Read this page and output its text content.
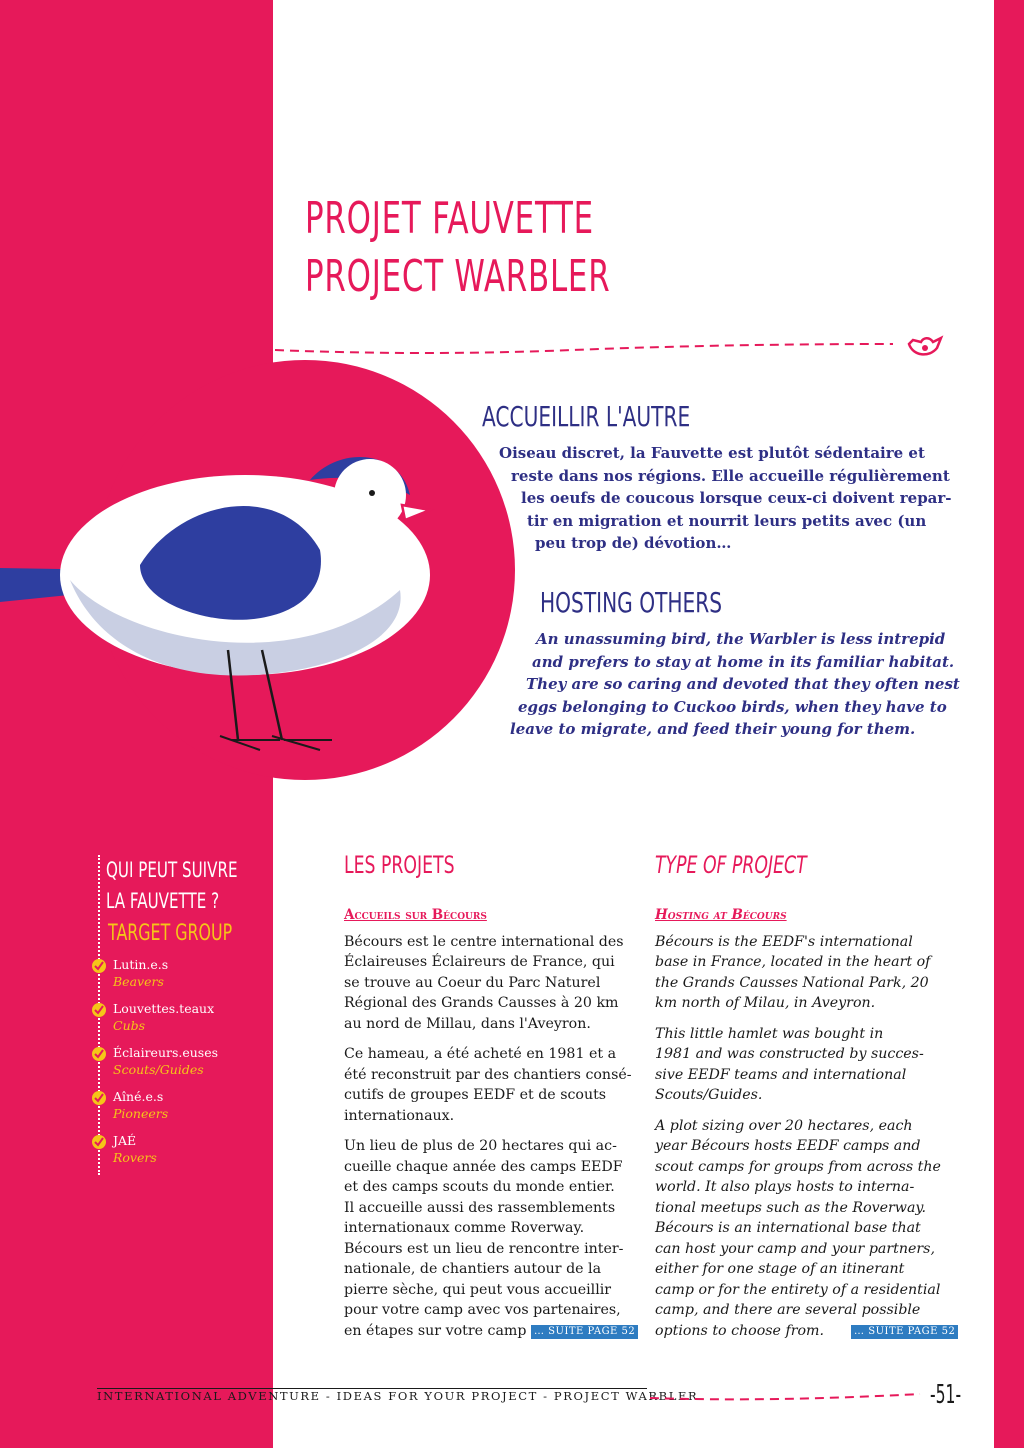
PROJET FAUVETTE
PROJECT WARBLER
ACCUEILLIR L'AUTRE
Oiseau discret, la Fauvette est plutôt sédentaire et
reste dans nos régions. Elle accueille régulièrement
les oeufs de coucous lorsque ceux-ci doivent repar-
tir en migration et nourrit leurs petits avec (un
peu trop de) dévotion…
HOSTING OTHERS
An unassuming bird, the Warbler is less intrepid
and prefers to stay at home in its familiar habitat.
They are so caring and devoted that they often nest
eggs belonging to Cuckoo birds, when they have to
leave to migrate, and feed their young for them.
QUI PEUT SUIVRE
LA FAUVETTE ?
TARGET GROUP
Lutin.e.s
Beavers
Louvettes.teaux
Cubs
Éclaireurs.euses
Scouts/Guides
Aîné.e.s
Pioneers
JAÉ
Rovers
LES PROJETS
Accueils sur Bécours

Bécours est le centre international des
Éclaireuses Éclaireurs de France, qui
se trouve au Coeur du Parc Naturel
Régional des Grands Causses à 20 km
au nord de Millau, dans l'Aveyron.

Ce hameau, a été acheté en 1981 et a
été reconstruit par des chantiers consé-
cutifs de groupes EEDF et de scouts
internationaux.

Un lieu de plus de 20 hectares qui ac-
cueille chaque année des camps EEDF
et des camps scouts du monde entier.
Il accueille aussi des rassemblements
internationaux comme Roverway.
Bécours est un lieu de rencontre inter-
nationale, de chantiers autour de la
pierre sèche, qui peut vous accueillir
pour votre camp avec vos partenaires,
en étapes sur votre camp … SUITE PAGE 52

TYPE OF PROJECT
Hosting at Bécours

Bécours is the EEDF's international
base in France, located in the heart of
the Grands Causses National Park, 20
km north of Milau, in Aveyron.

This little hamlet was bought in
1981 and was constructed by succes-
sive EEDF teams and international
Scouts/Guides.

A plot sizing over 20 hectares, each
year Bécours hosts EEDF camps and
scout camps for groups from across the
world. It also plays hosts to interna-
tional meetups such as the Roverway.
Bécours is an international base that
can host your camp and your partners,
either for one stage of an itinerant
camp or for the entirety of a residential
camp, and there are several possible
options to choose from.	… SUITE PAGE 52

INTERNATIONAL ADVENTURE - IDEAS FOR YOUR PROJECT - PROJECT WARBLER	-51-
